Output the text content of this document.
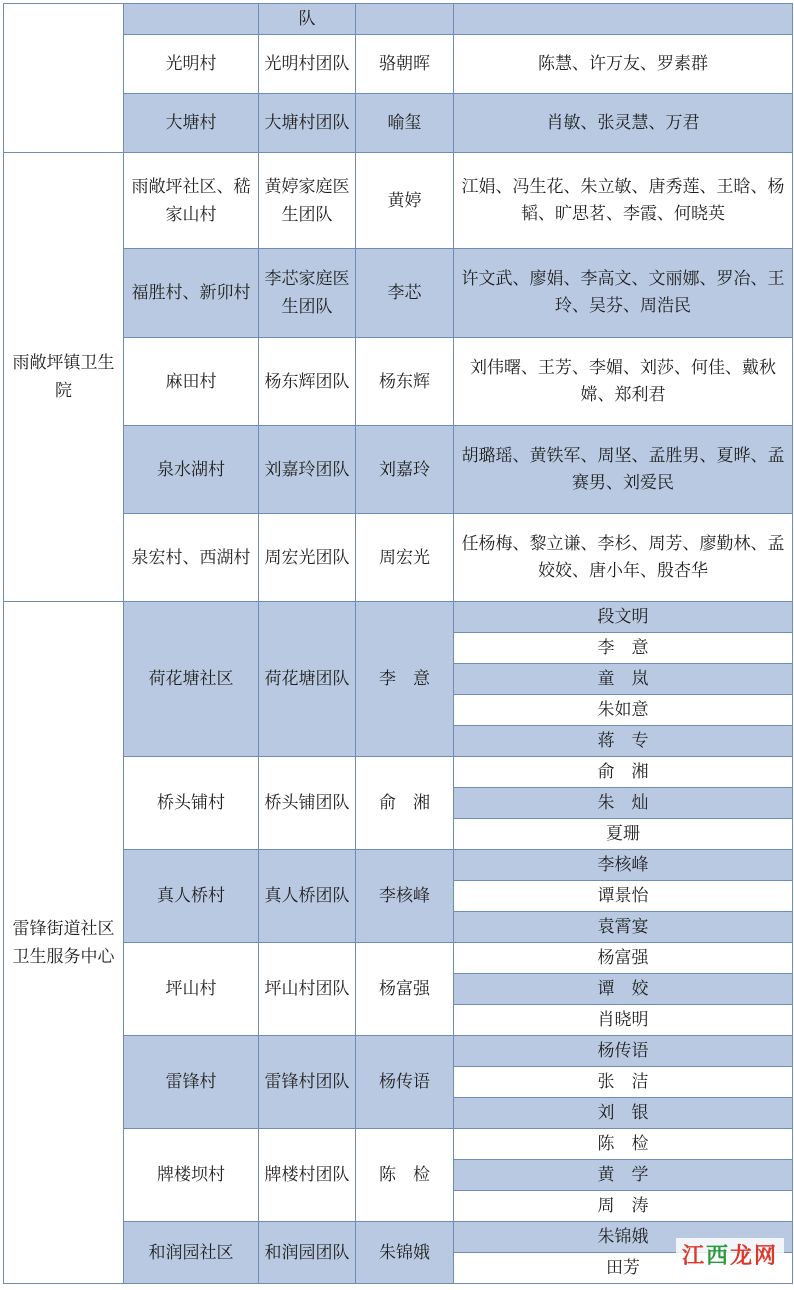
		队			
	光明村	光明村团队	骆朝晖	陈慧、许万友、罗素群	
	大塘村	大塘村团队	喻玺	肖敏、张灵慧、万君	
雨敞坪镇卫生院	雨敞坪社区、嵇家山村	黄婷家庭医生团队	黄婷	江娟、冯生花、朱立敏、唐秀莲、王晗、杨韬、旷思茗、李霞、何晓英	
	福胜村、新卯村	李芯家庭医生团队	李芯	许文武、廖娟、李高文、文丽娜、罗冶、王玲、吴芬、周浩民	
	麻田村	杨东辉团队	杨东辉	刘伟曙、王芳、李媚、刘莎、何佳、戴秋嫦、郑利君	
	泉水湖村	刘嘉玲团队	刘嘉玲	胡璐瑶、黄铁军、周坚、孟胜男、夏晔、孟赛男、刘爱民	
	泉宏村、西湖村	周宏光团队	周宏光	任杨梅、黎立谦、李杉、周芳、廖勤林、孟姣姣、唐小年、殷杏华	
雷锋街道社区卫生服务中心	荷花塘社区	荷花塘团队	李　意	段文明	
				李　意	
				童　岚	
				朱如意	
				蒋　专	
	桥头铺村	桥头铺团队	俞　湘	俞　湘	
				朱　灿	
				夏珊	
	真人桥村	真人桥团队	李核峰	李核峰	
				谭景怡	
				袁霄宴	
	坪山村	坪山村团队	杨富强	杨富强	
				谭　姣	
				肖晓明	
	雷锋村	雷锋村团队	杨传语	杨传语	
				张　洁	
				刘　银	
	牌楼坝村	牌楼村团队	陈　检	陈　检	
				黄　学	
				周　涛	
	和润园社区	和润园团队	朱锦娥	朱锦娥	
				田芳	江西龙网
